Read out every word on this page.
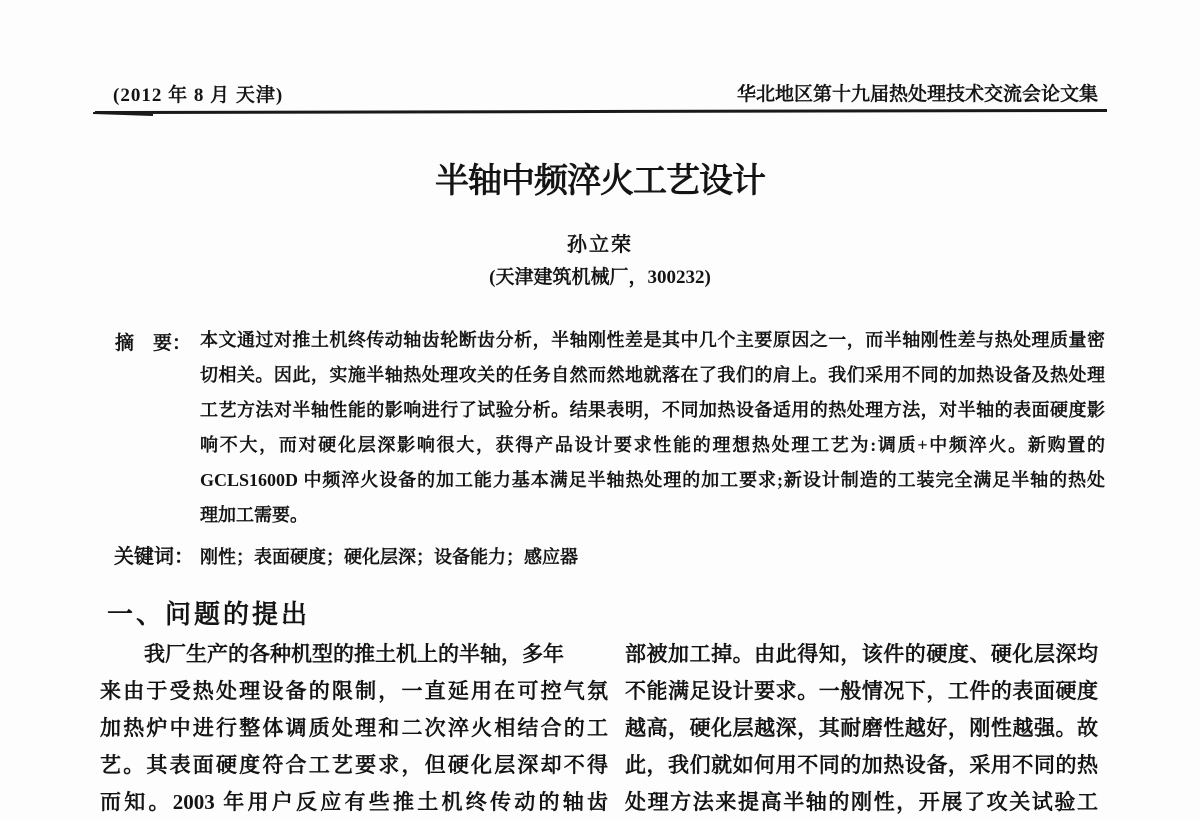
(2012 年 8 月 天津)	华北地区第十九届热处理技术交流会论文集
半轴中频淬火工艺设计
孙立荣
(天津建筑机械厂，300232)
摘　要： 本文通过对推土机终传动轴齿轮断齿分析，半轴刚性差是其中几个主要原因之一，而半轴刚性差与热处理质量密
切相关。因此，实施半轴热处理攻关的任务自然而然地就落在了我们的肩上。我们采用不同的加热设备及热处理
工艺方法对半轴性能的影响进行了试验分析。结果表明，不同加热设备适用的热处理方法，对半轴的表面硬度影
响不大，而对硬化层深影响很大，获得产品设计要求性能的理想热处理工艺为:调质+中频淬火。新购置的
GCLS1600D 中频淬火设备的加工能力基本满足半轴热处理的加工要求;新设计制造的工装完全满足半轴的热处
理加工需要。
关键词： 刚性；表面硬度；硬化层深；设备能力；感应器
一、问题的提出
我厂生产的各种机型的推土机上的半轴，多年
来由于受热处理设备的限制，一直延用在可控气氛
加热炉中进行整体调质处理和二次淬火相结合的工
艺。其表面硬度符合工艺要求，但硬化层深却不得
而知。2003 年用户反应有些推土机终传动的轴齿
部被加工掉。由此得知，该件的硬度、硬化层深均
不能满足设计要求。一般情况下，工件的表面硬度
越高，硬化层越深，其耐磨性越好，刚性越强。故
此，我们就如何用不同的加热设备，采用不同的热
处理方法来提高半轴的刚性，开展了攻关试验工
